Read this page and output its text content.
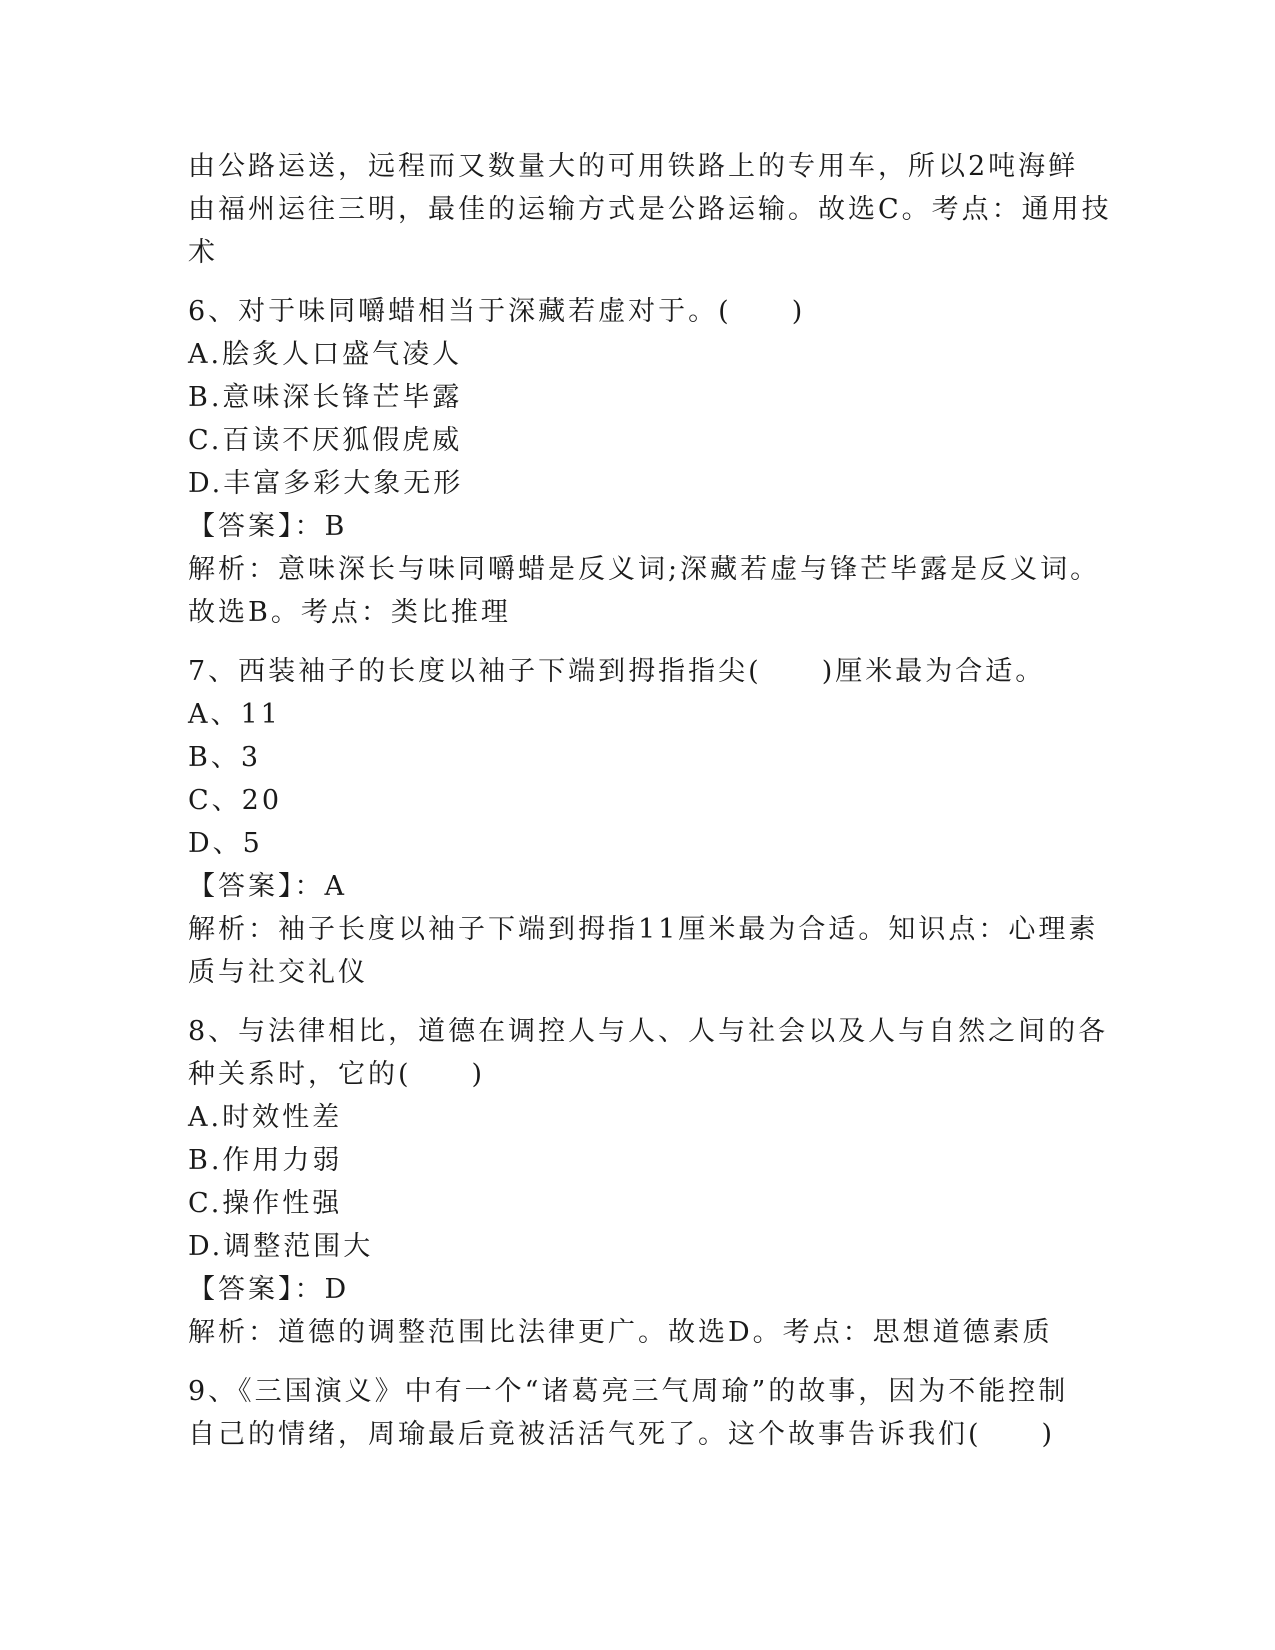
由公路运送，远程而又数量大的可用铁路上的专用车，所以2吨海鲜
由福州运往三明，最佳的运输方式是公路运输。故选C。考点：通用技
术
6、对于味同嚼蜡相当于深藏若虚对于。(　　)
A.脍炙人口盛气凌人
B.意味深长锋芒毕露
C.百读不厌狐假虎威
D.丰富多彩大象无形
【答案】：B
解析：意味深长与味同嚼蜡是反义词;深藏若虚与锋芒毕露是反义词。
故选B。考点：类比推理
7、西装袖子的长度以袖子下端到拇指指尖(　　)厘米最为合适。
A、11
B、3
C、20
D、5
【答案】：A
解析：袖子长度以袖子下端到拇指11厘米最为合适。知识点：心理素
质与社交礼仪
8、与法律相比，道德在调控人与人、人与社会以及人与自然之间的各
种关系时，它的(　　)
A.时效性差
B.作用力弱
C.操作性强
D.调整范围大
【答案】：D
解析：道德的调整范围比法律更广。故选D。考点：思想道德素质
9、《三国演义》中有一个“诸葛亮三气周瑜”的故事，因为不能控制
自己的情绪，周瑜最后竟被活活气死了。这个故事告诉我们(　　)
